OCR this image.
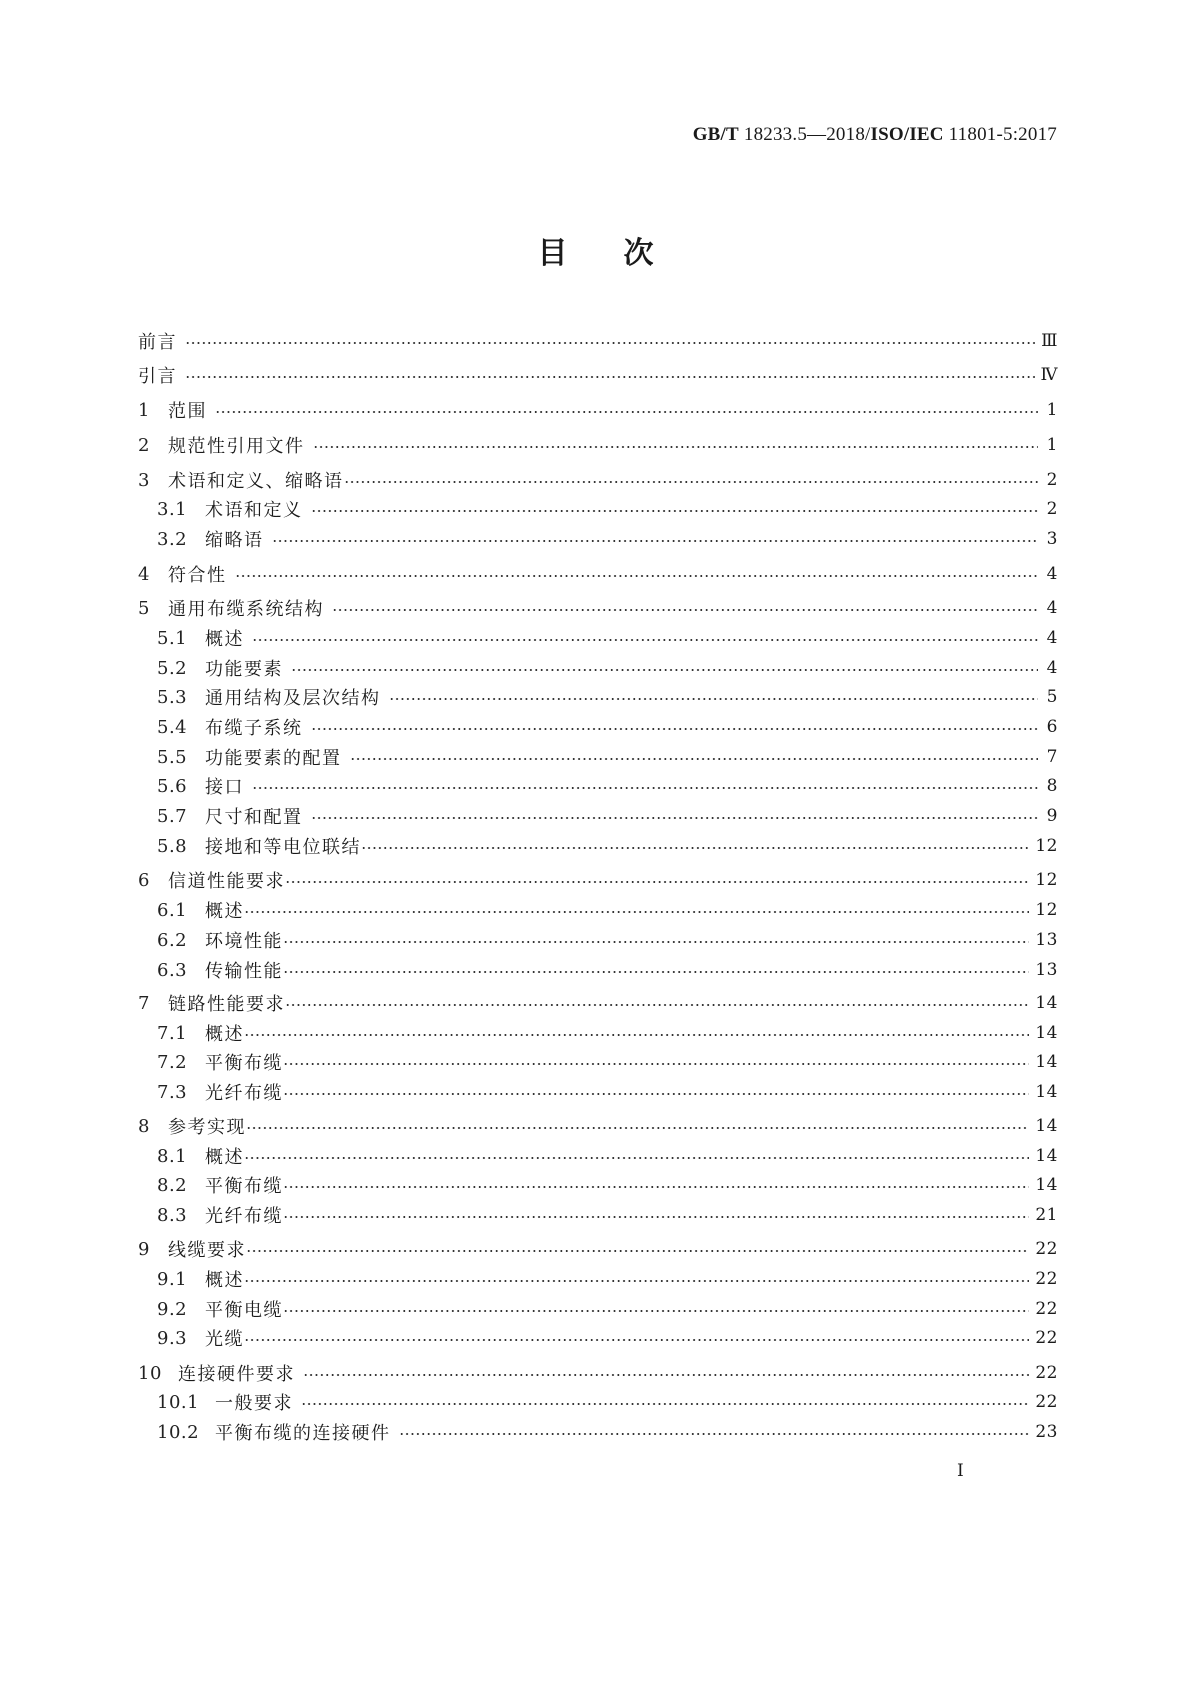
GB/T 18233.5—2018/ISO/IEC 11801-5:2017
目次
前言	Ⅲ
引言	Ⅳ
1	范围	1
2	规范性引用文件	1
3	术语和定义、缩略语	2
3.1 术语和定义	2
3.2 缩略语	3
4	符合性	4
5	通用布缆系统结构	4
5.1 概述	4
5.2 功能要素	4
5.3 通用结构及层次结构	5
5.4 布缆子系统	6
5.5 功能要素的配置	7
5.6 接口	8
5.7 尺寸和配置	9
5.8 接地和等电位联结	12
6	信道性能要求	12
6.1 概述	12
6.2 环境性能	13
6.3 传输性能	13
7	链路性能要求	14
7.1 概述	14
7.2 平衡布缆	14
7.3 光纤布缆	14
8	参考实现	14
8.1 概述	14
8.2 平衡布缆	14
8.3 光纤布缆	21
9	线缆要求	22
9.1 概述	22
9.2 平衡电缆	22
9.3 光缆	22
10 连接硬件要求	22
10.1 一般要求	22
10.2 平衡布缆的连接硬件	23
I
